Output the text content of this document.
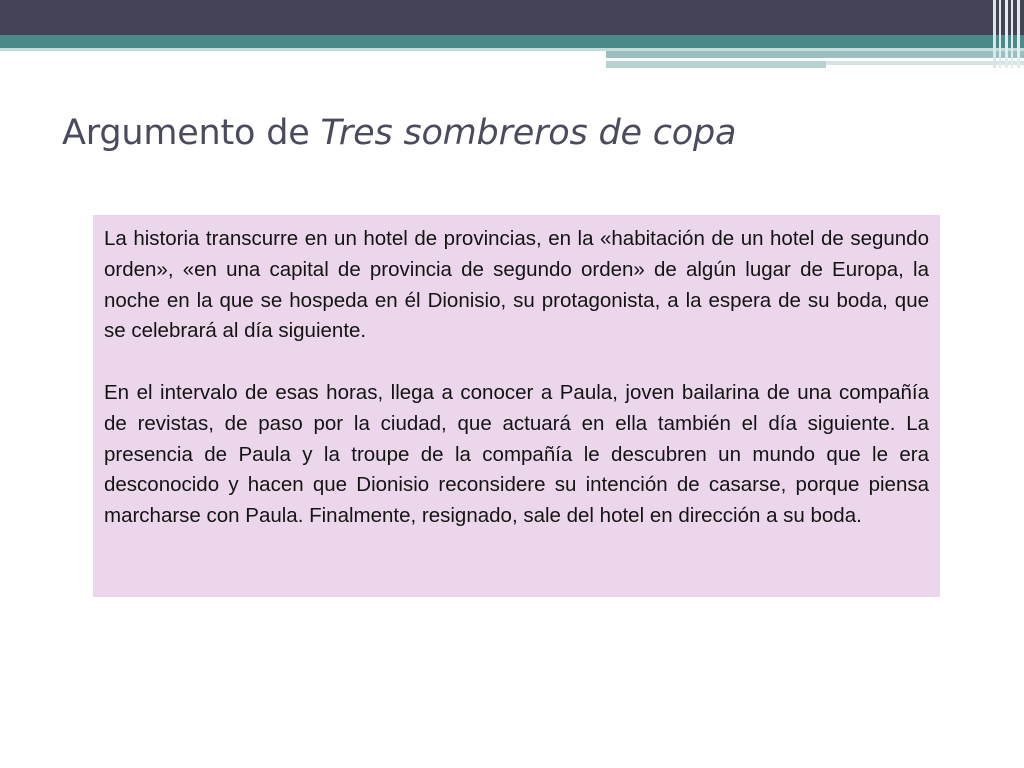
Argumento de Tres sombreros de copa

La historia transcurre en un hotel de provincias, en la «habitación de un hotel de segundo orden», «en una capital de provincia de segundo orden» de algún lugar de Europa, la noche en la que se hospeda en él Dionisio, su protagonista, a la espera de su boda, que se celebrará al día siguiente.

En el intervalo de esas horas, llega a conocer a Paula, joven bailarina de una compañía de revistas, de paso por la ciudad, que actuará en ella también el día siguiente. La presencia de Paula y la troupe de la compañía le descubren un mundo que le era desconocido y hacen que Dionisio reconsidere su intención de casarse, porque piensa marcharse con Paula. Finalmente, resignado, sale del hotel en dirección a su boda.
